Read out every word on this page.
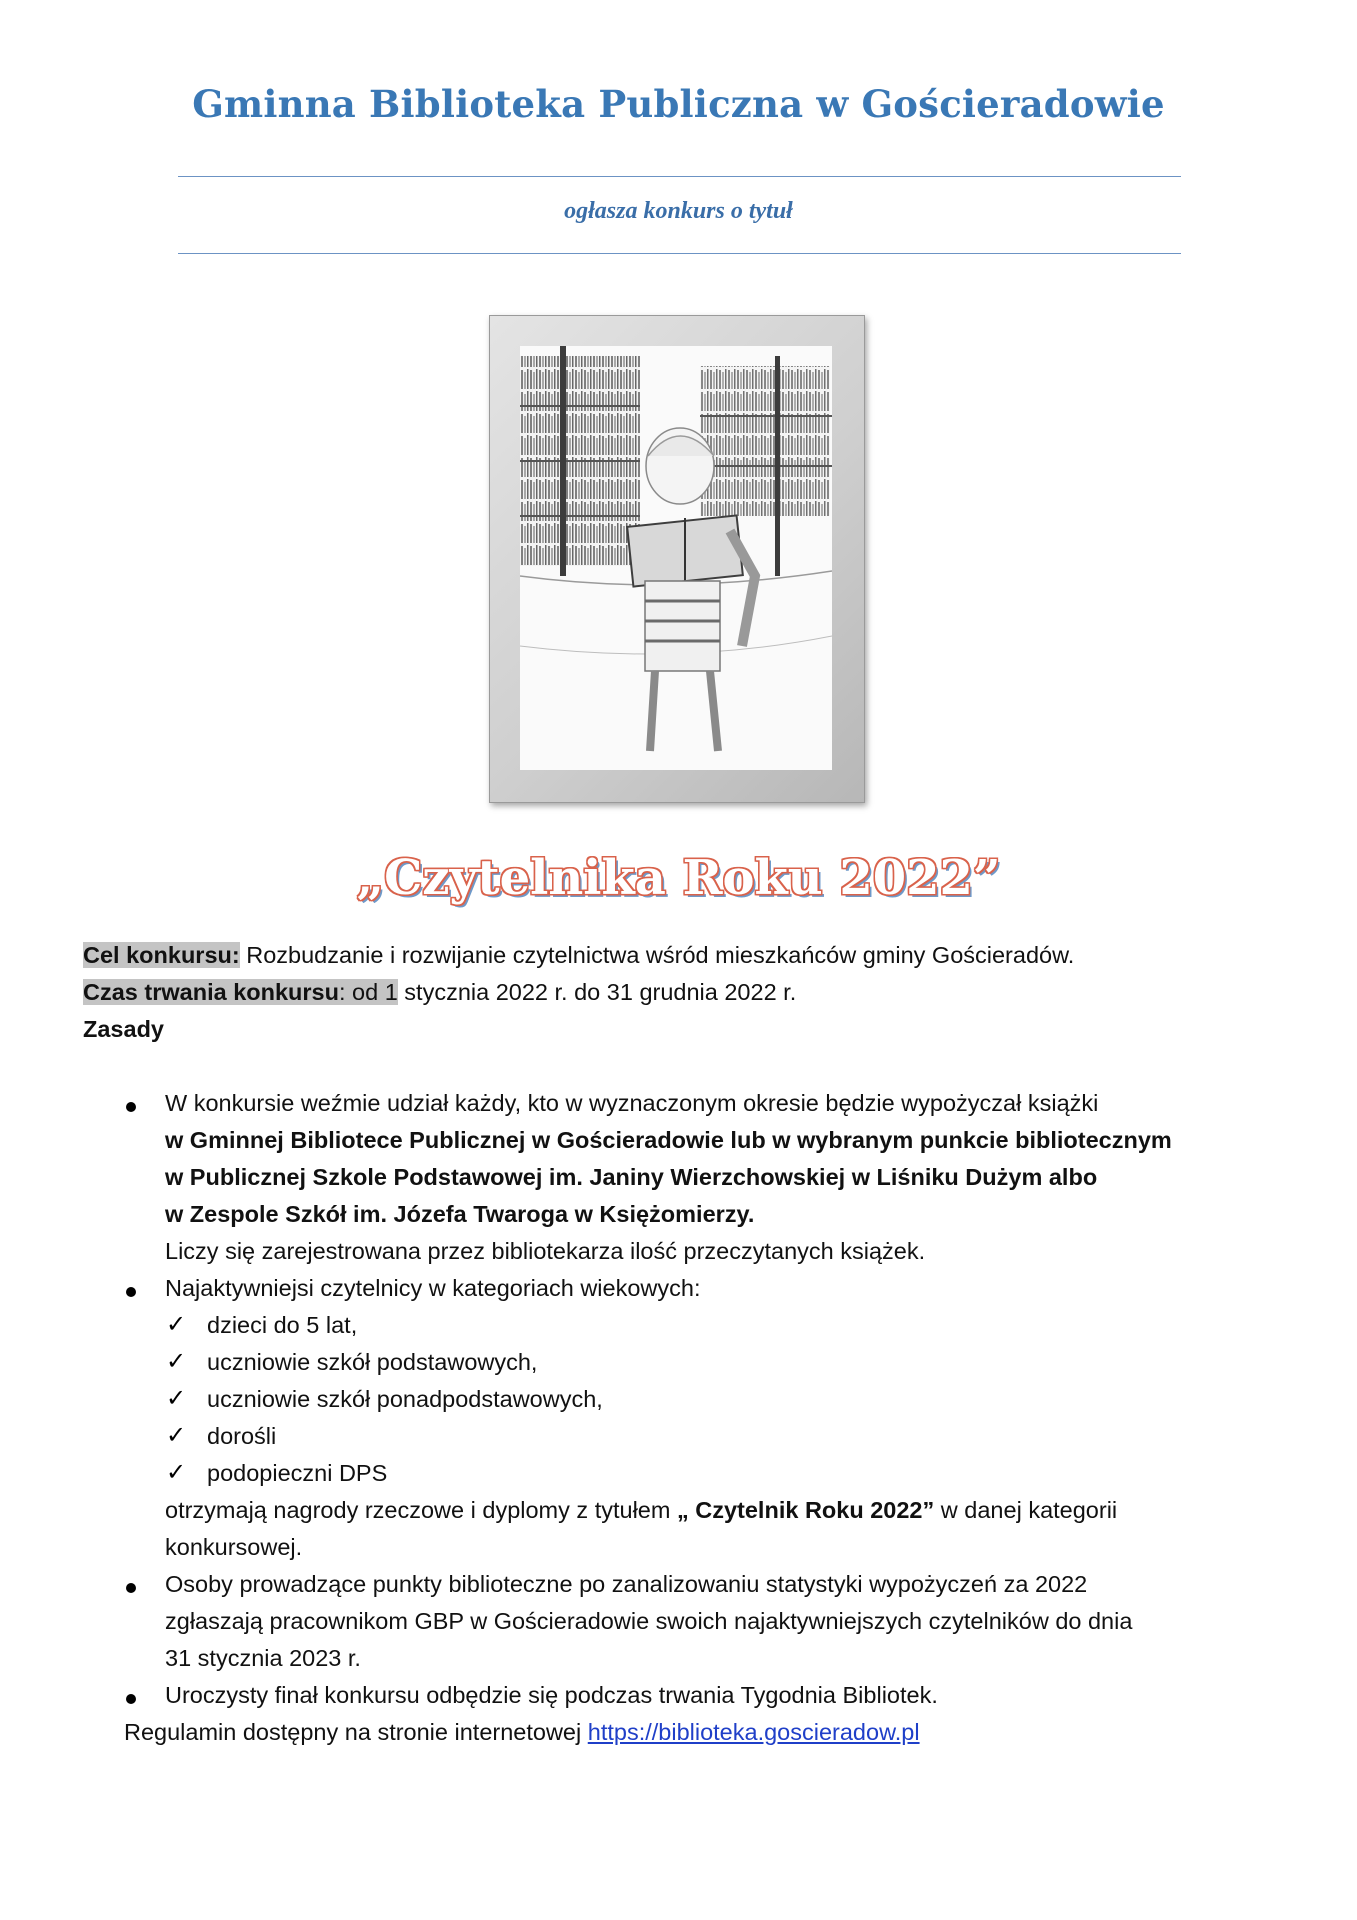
Gminna Biblioteka Publiczna w Gościeradowie
ogłasza konkurs o tytuł
„Czytelnika Roku 2022”
Cel konkursu: Rozbudzanie i rozwijanie czytelnictwa wśród mieszkańców gminy Gościeradów.
Czas trwania konkursu: od 1 stycznia 2022 r. do 31 grudnia 2022 r.
Zasady
W konkursie weźmie udział każdy, kto w wyznaczonym okresie będzie wypożyczał książki
w Gminnej Bibliotece Publicznej w Gościeradowie lub w wybranym punkcie bibliotecznym
w Publicznej Szkole Podstawowej im. Janiny Wierzchowskiej w Liśniku Dużym albo
w Zespole Szkół im. Józefa Twaroga w Księżomierzy.
Liczy się zarejestrowana przez bibliotekarza ilość przeczytanych książek.
Najaktywniejsi czytelnicy w kategoriach wiekowych:
✓ dzieci do 5 lat,
✓ uczniowie szkół podstawowych,
✓ uczniowie szkół ponadpodstawowych,
✓ dorośli
✓ podopieczni DPS
otrzymają nagrody rzeczowe i dyplomy z tytułem „ Czytelnik Roku 2022” w danej kategorii
konkursowej.
Osoby prowadzące punkty biblioteczne po zanalizowaniu statystyki wypożyczeń za 2022
zgłaszają pracownikom GBP w Gościeradowie swoich najaktywniejszych czytelników do dnia
31 stycznia 2023 r.
Uroczysty finał konkursu odbędzie się podczas trwania Tygodnia Bibliotek.
Regulamin dostępny na stronie internetowej https://biblioteka.goscieradow.pl
